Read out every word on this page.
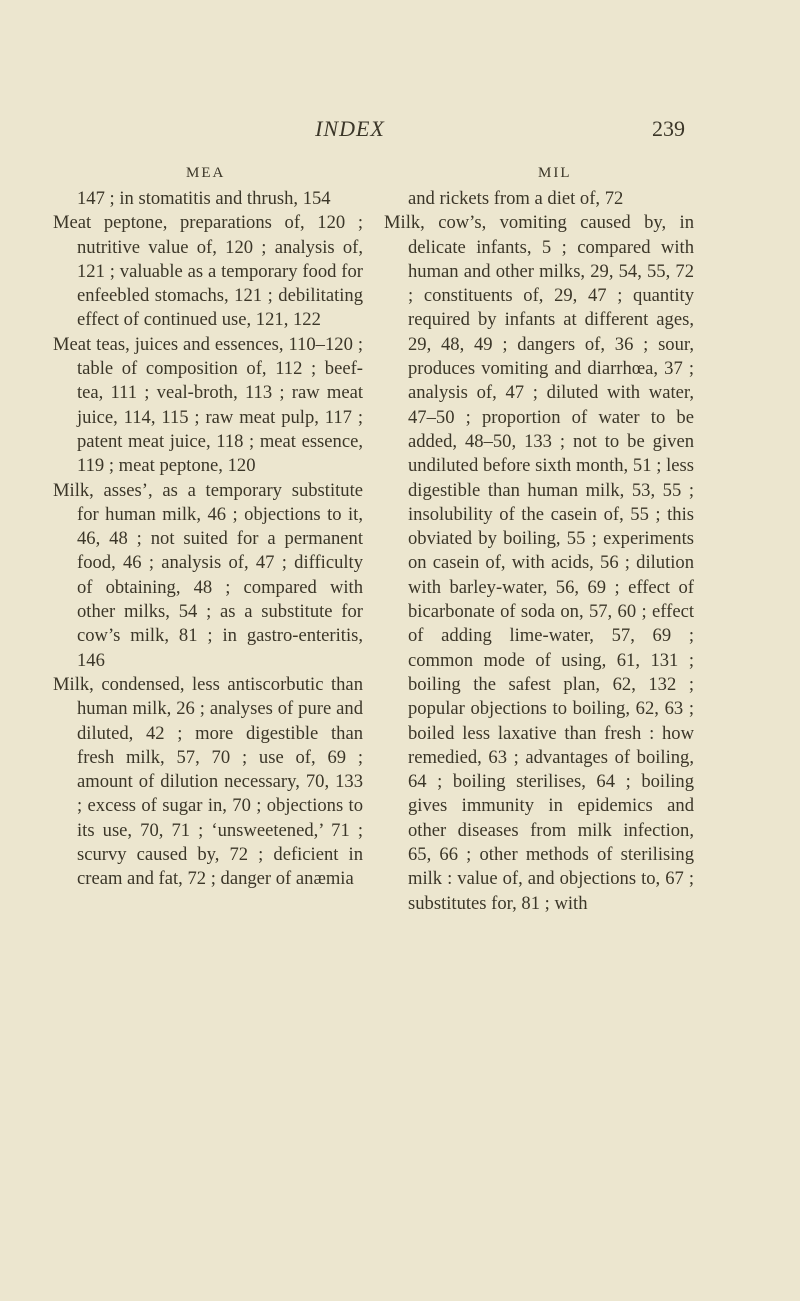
INDEX	239
MEA	MIL

147 ; in stomatitis and thrush, 154

Meat peptone, preparations of, 120 ; nutritive value of, 120 ; analysis of, 121 ; valuable as a temporary food for enfeebled stomachs, 121 ; debilitating effect of continued use, 121, 122

Meat teas, juices and essences, 110–120 ; table of composition of, 112 ; beef-tea, 111 ; veal-broth, 113 ; raw meat juice, 114, 115 ; raw meat pulp, 117 ; patent meat juice, 118 ; meat essence, 119 ; meat peptone, 120

Milk, asses’, as a temporary substitute for human milk, 46 ; objections to it, 46, 48 ; not suited for a permanent food, 46 ; analysis of, 47 ; difficulty of obtaining, 48 ; compared with other milks, 54 ; as a substitute for cow’s milk, 81 ; in gastro-enteritis, 146

Milk, condensed, less antiscorbutic than human milk, 26 ; analyses of pure and diluted, 42 ; more digestible than fresh milk, 57, 70 ; use of, 69 ; amount of dilution necessary, 70, 133 ; excess of sugar in, 70 ; objections to its use, 70, 71 ; ‘unsweetened,’ 71 ; scurvy caused by, 72 ; deficient in cream and fat, 72 ; danger of anæmia

and rickets from a diet of, 72

Milk, cow’s, vomiting caused by, in delicate infants, 5 ; compared with human and other milks, 29, 54, 55, 72 ; constituents of, 29, 47 ; quantity required by infants at different ages, 29, 48, 49 ; dangers of, 36 ; sour, produces vomiting and diarrhœa, 37 ; analysis of, 47 ; diluted with water, 47–50 ; proportion of water to be added, 48–50, 133 ; not to be given undiluted before sixth month, 51 ; less digestible than human milk, 53, 55 ; insolubility of the casein of, 55 ; this obviated by boiling, 55 ; experiments on casein of, with acids, 56 ; dilution with barley-water, 56, 69 ; effect of bicarbonate of soda on, 57, 60 ; effect of adding lime-water, 57, 69 ; common mode of using, 61, 131 ; boiling the safest plan, 62, 132 ; popular objections to boiling, 62, 63 ; boiled less laxative than fresh : how remedied, 63 ; advantages of boiling, 64 ; boiling sterilises, 64 ; boiling gives immunity in epidemics and other diseases from milk infection, 65, 66 ; other methods of sterilising milk : value of, and objections to, 67 ; substitutes for, 81 ; with
